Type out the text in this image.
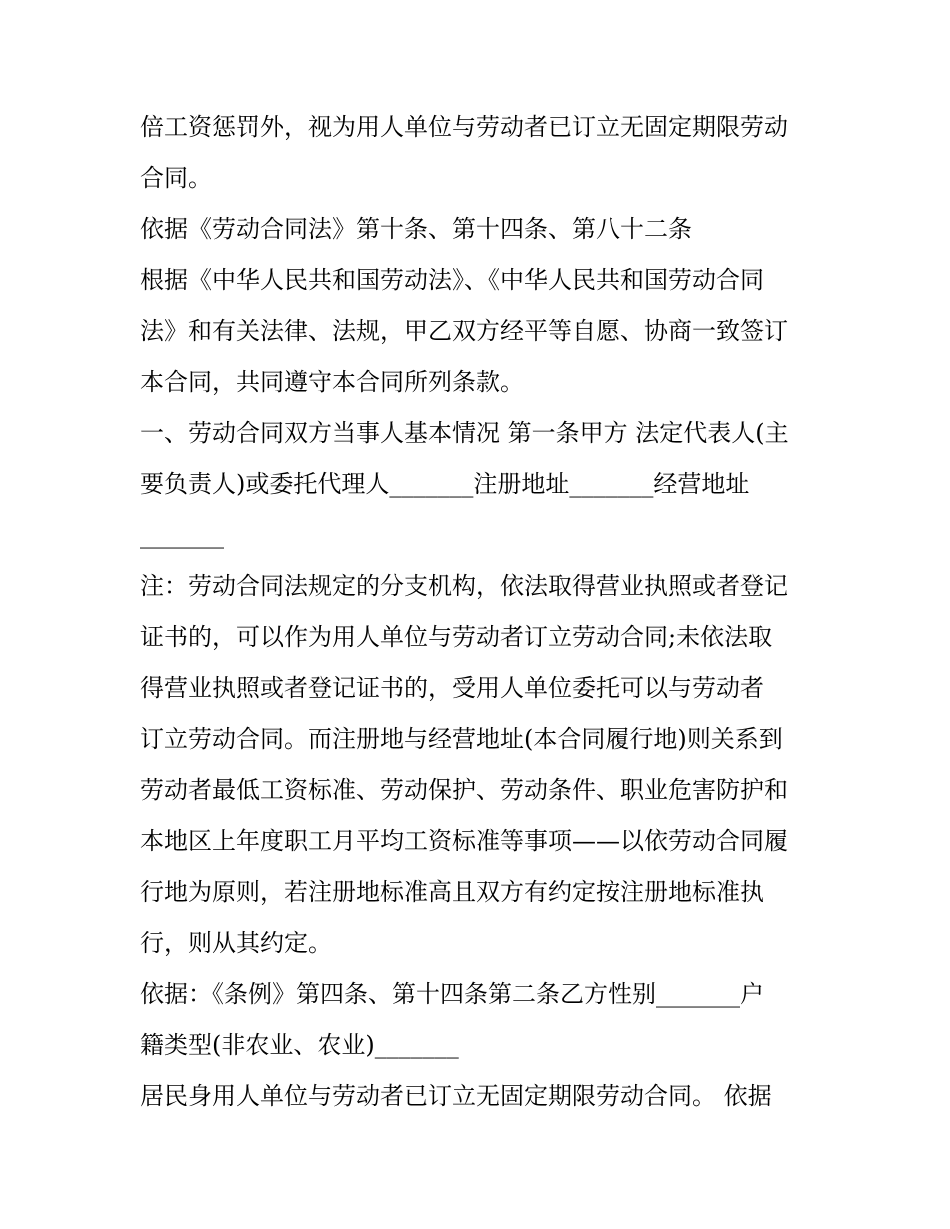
倍工资惩罚外，视为用人单位与劳动者已订立无固定期限劳动
合同。
依据《劳动合同法》第十条、第十四条、第八十二条
根据《中华人民共和国劳动法》、《中华人民共和国劳动合同
法》和有关法律、法规，甲乙双方经平等自愿、协商一致签订
本合同，共同遵守本合同所列条款。
一、劳动合同双方当事人基本情况 第一条甲方 法定代表人(主
要负责人)或委托代理人_______注册地址_______经营地址
_______
注：劳动合同法规定的分支机构，依法取得营业执照或者登记
证书的，可以作为用人单位与劳动者订立劳动合同;未依法取
得营业执照或者登记证书的，受用人单位委托可以与劳动者
订立劳动合同。而注册地与经营地址(本合同履行地)则关系到
劳动者最低工资标准、劳动保护、劳动条件、职业危害防护和
本地区上年度职工月平均工资标准等事项——以依劳动合同履
行地为原则，若注册地标准高且双方有约定按注册地标准执
行，则从其约定。
依据：《条例》第四条、第十四条第二条乙方性别_______户
籍类型(非农业、农业)_______
居民身用人单位与劳动者已订立无固定期限劳动合同。 依据
